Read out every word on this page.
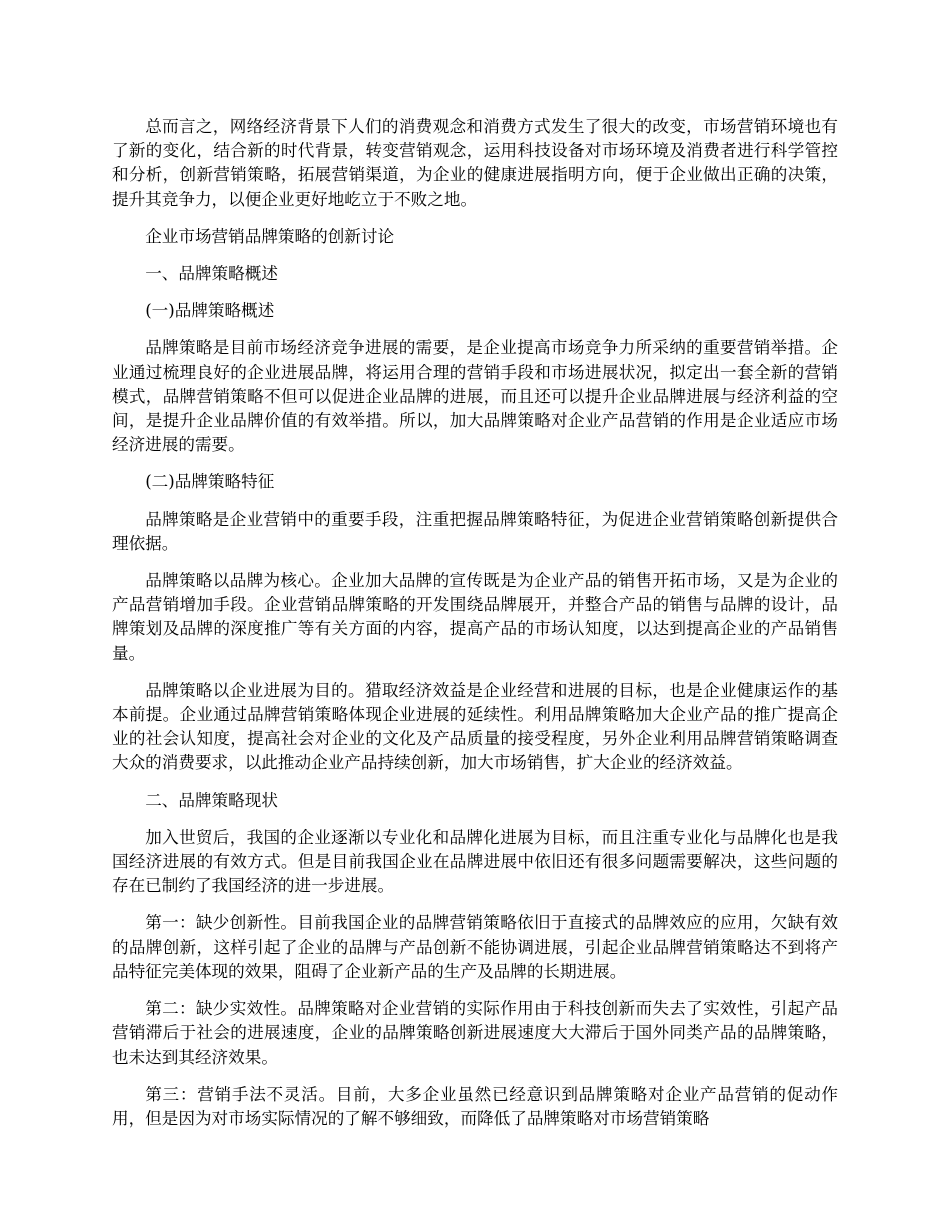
总而言之，网络经济背景下人们的消费观念和消费方式发生了很大的改变，市场营销环境也有了新的变化，结合新的时代背景，转变营销观念，运用科技设备对市场环境及消费者进行科学管控和分析，创新营销策略，拓展营销渠道，为企业的健康进展指明方向，便于企业做出正确的决策，提升其竞争力，以便企业更好地屹立于不败之地。

企业市场营销品牌策略的创新讨论

一、品牌策略概述

(一)品牌策略概述

品牌策略是目前市场经济竞争进展的需要，是企业提高市场竞争力所采纳的重要营销举措。企业通过梳理良好的企业进展品牌，将运用合理的营销手段和市场进展状况，拟定出一套全新的营销模式，品牌营销策略不但可以促进企业品牌的进展，而且还可以提升企业品牌进展与经济利益的空间，是提升企业品牌价值的有效举措。所以，加大品牌策略对企业产品营销的作用是企业适应市场经济进展的需要。

(二)品牌策略特征

品牌策略是企业营销中的重要手段，注重把握品牌策略特征，为促进企业营销策略创新提供合理依据。

品牌策略以品牌为核心。企业加大品牌的宣传既是为企业产品的销售开拓市场，又是为企业的产品营销增加手段。企业营销品牌策略的开发围绕品牌展开，并整合产品的销售与品牌的设计，品牌策划及品牌的深度推广等有关方面的内容，提高产品的市场认知度，以达到提高企业的产品销售量。

品牌策略以企业进展为目的。猎取经济效益是企业经营和进展的目标，也是企业健康运作的基本前提。企业通过品牌营销策略体现企业进展的延续性。利用品牌策略加大企业产品的推广提高企业的社会认知度，提高社会对企业的文化及产品质量的接受程度，另外企业利用品牌营销策略调查大众的消费要求，以此推动企业产品持续创新，加大市场销售，扩大企业的经济效益。

二、品牌策略现状

加入世贸后，我国的企业逐渐以专业化和品牌化进展为目标，而且注重专业化与品牌化也是我国经济进展的有效方式。但是目前我国企业在品牌进展中依旧还有很多问题需要解决，这些问题的存在已制约了我国经济的进一步进展。

第一：缺少创新性。目前我国企业的品牌营销策略依旧于直接式的品牌效应的应用，欠缺有效的品牌创新，这样引起了企业的品牌与产品创新不能协调进展，引起企业品牌营销策略达不到将产品特征完美体现的效果，阻碍了企业新产品的生产及品牌的长期进展。

第二：缺少实效性。品牌策略对企业营销的实际作用由于科技创新而失去了实效性，引起产品营销滞后于社会的进展速度，企业的品牌策略创新进展速度大大滞后于国外同类产品的品牌策略，也未达到其经济效果。

第三：营销手法不灵活。目前，大多企业虽然已经意识到品牌策略对企业产品营销的促动作用，但是因为对市场实际情况的了解不够细致，而降低了品牌策略对市场营销策略
